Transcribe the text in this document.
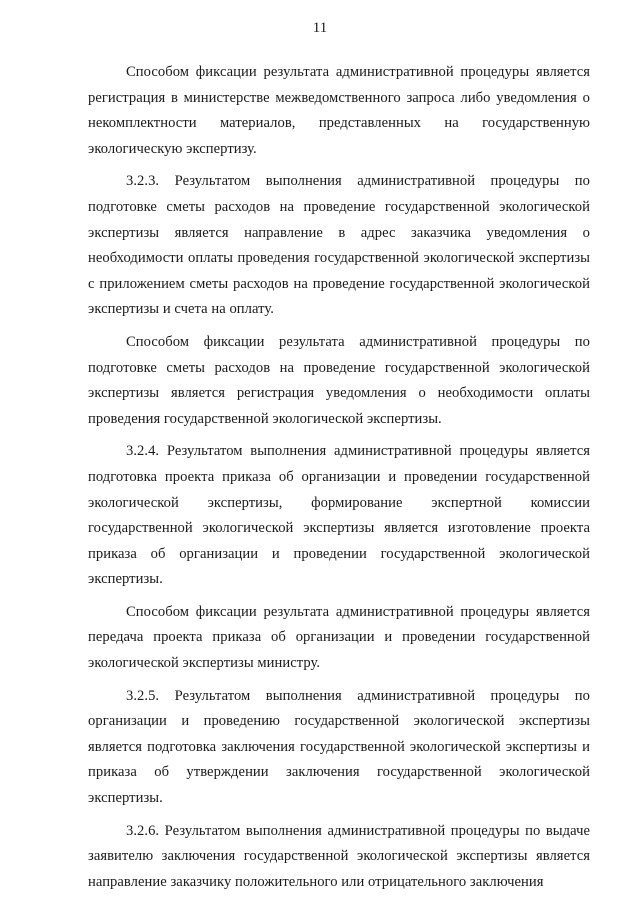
11

Способом фиксации результата административной процедуры является регистрация в министерстве межведомственного запроса либо уведомления о некомплектности материалов, представленных на государственную экологическую экспертизу.

3.2.3. Результатом выполнения административной процедуры по подготовке сметы расходов на проведение государственной экологической экспертизы является направление в адрес заказчика уведомления о необходимости оплаты проведения государственной экологической экспертизы с приложением сметы расходов на проведение государственной экологической экспертизы и счета на оплату.

Способом фиксации результата административной процедуры по подготовке сметы расходов на проведение государственной экологической экспертизы является регистрация уведомления о необходимости оплаты проведения государственной экологической экспертизы.

3.2.4. Результатом выполнения административной процедуры является подготовка проекта приказа об организации и проведении государственной экологической экспертизы, формирование экспертной комиссии государственной экологической экспертизы является изготовление проекта приказа об организации и проведении государственной экологической экспертизы.

Способом фиксации результата административной процедуры является передача проекта приказа об организации и проведении государственной экологической экспертизы министру.

3.2.5. Результатом выполнения административной процедуры по организации и проведению государственной экологической экспертизы является подготовка заключения государственной экологической экспертизы и приказа об утверждении заключения государственной экологической экспертизы.

3.2.6. Результатом выполнения административной процедуры по выдаче заявителю заключения государственной экологической экспертизы является направление заказчику положительного или отрицательного заключения
